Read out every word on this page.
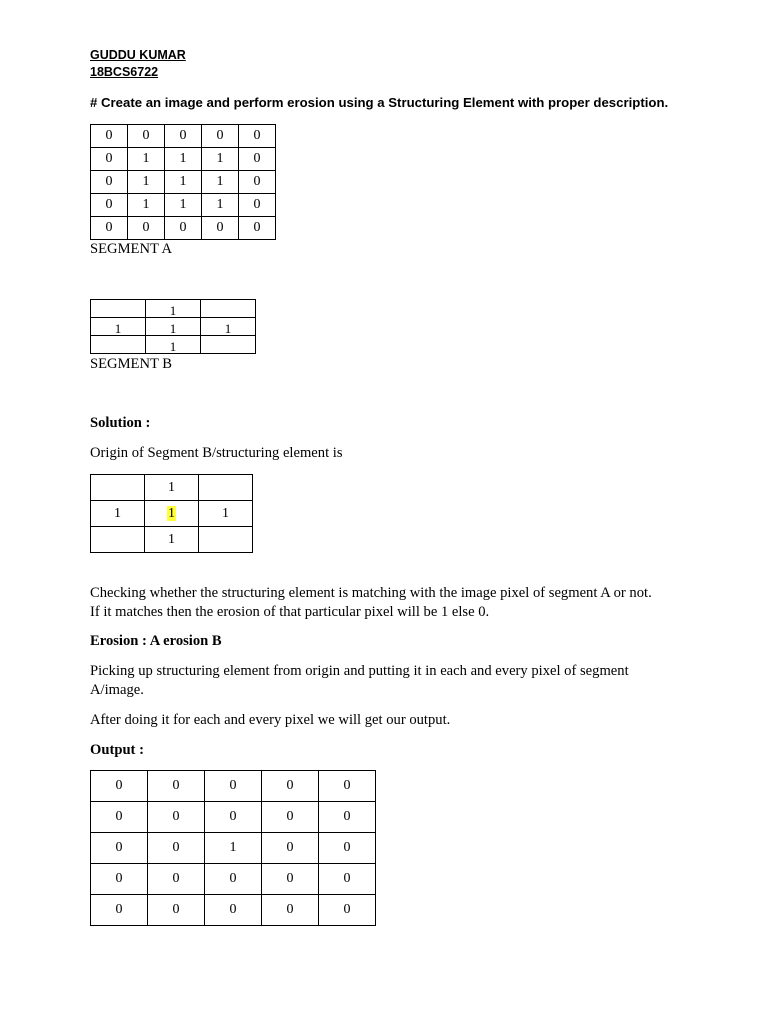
GUDDU KUMAR
18BCS6722
# Create an image and perform erosion using a Structuring Element with proper description.
0	0	0	0	0
0	1	1	1	0
0	1	1	1	0
0	1	1	1	0
0	0	0	0	0
SEGMENT A
	1	
1	1	1
	1	
SEGMENT B
Solution :
Origin of Segment B/structuring element is
	1	
1	1	1
	1	
Checking whether the structuring element is matching with the image pixel of segment A or not.
If it matches then the erosion of that particular pixel will be 1 else 0.
Erosion : A erosion B
Picking up structuring element from origin and putting it in each and every pixel of segment
A/image.
After doing it for each and every pixel we will get our output.
Output :
0	0	0	0	0
0	0	0	0	0
0	0	1	0	0
0	0	0	0	0
0	0	0	0	0
